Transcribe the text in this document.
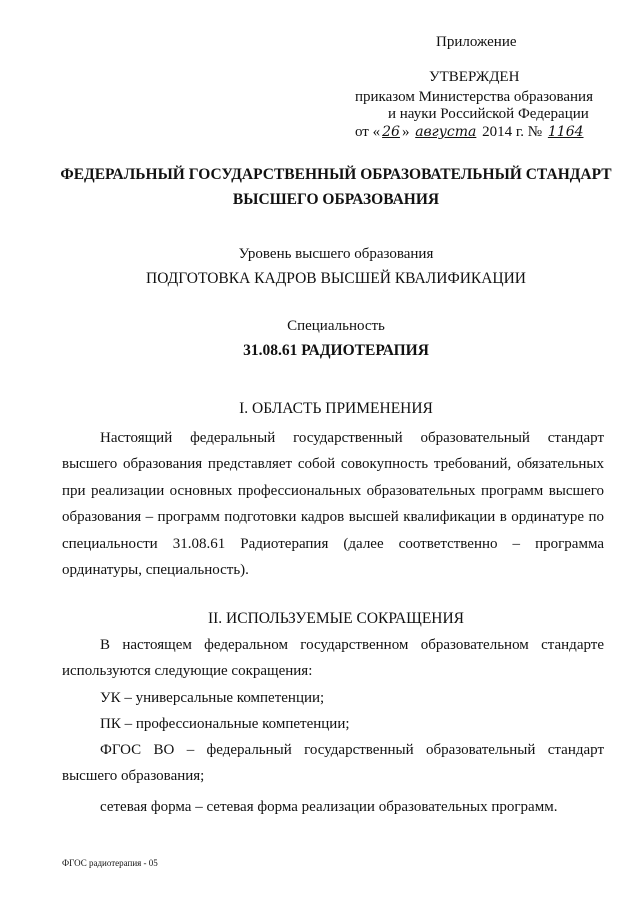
Приложение
УТВЕРЖДЕН
приказом Министерства образования
и науки Российской Федерации
от « 26 » августа 2014 г. № 1164
ФЕДЕРАЛЬНЫЙ ГОСУДАРСТВЕННЫЙ ОБРАЗОВАТЕЛЬНЫЙ СТАНДАРТ
ВЫСШЕГО ОБРАЗОВАНИЯ
Уровень высшего образования
ПОДГОТОВКА КАДРОВ ВЫСШЕЙ КВАЛИФИКАЦИИ
Специальность
31.08.61 РАДИОТЕРАПИЯ
I. ОБЛАСТЬ ПРИМЕНЕНИЯ

Настоящий федеральный государственный образовательный стандарт высшего образования представляет собой совокупность требований, обязательных при реализации основных профессиональных образовательных программ высшего образования – программ подготовки кадров высшей квалификации в ординатуре по специальности 31.08.61 Радиотерапия (далее соответственно – программа ординатуры, специальность).

II. ИСПОЛЬЗУЕМЫЕ СОКРАЩЕНИЯ

В настоящем федеральном государственном образовательном стандарте используются следующие сокращения:

УК – универсальные компетенции;

ПК – профессиональные компетенции;

ФГОС ВО – федеральный государственный образовательный стандарт высшего образования;

сетевая форма – сетевая форма реализации образовательных программ.

ФГОС радиотерапия - 05
